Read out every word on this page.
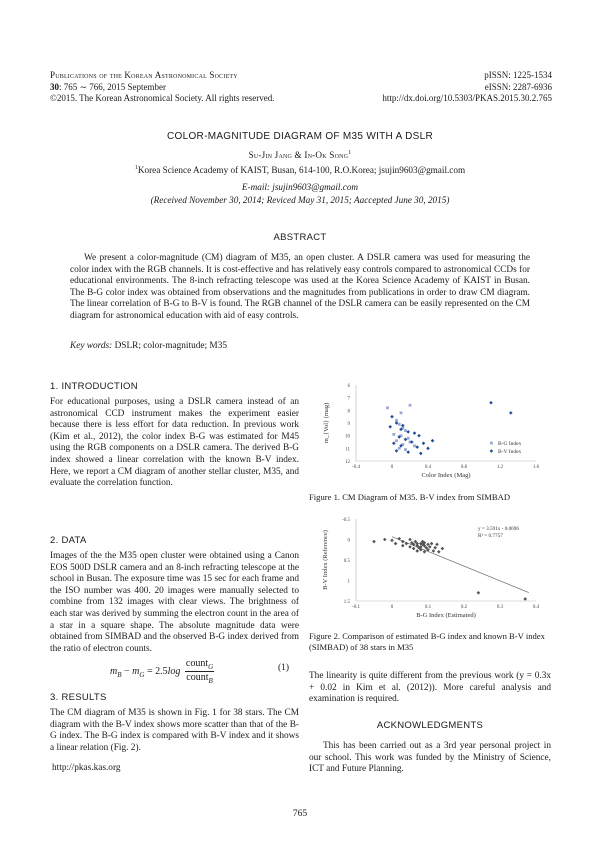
Publications of the Korean Astronomical Society
30: 765 ∼ 766, 2015 September
©2015. The Korean Astronomical Society. All rights reserved.
pISSN: 1225-1534
eISSN: 2287-6936
http://dx.doi.org/10.5303/PKAS.2015.30.2.765
COLOR-MAGNITUDE DIAGRAM OF M35 WITH A DSLR
Su-Jin Jang & In-Ok Song$^1$
$^1$Korea Science Academy of KAIST, Busan, 614-100, R.O.Korea; jsujin9603@gmail.com
E-mail: jsujin9603@gmail.com
(Received November 30, 2014; Reviced May 31, 2015; Aaccepted June 30, 2015)
ABSTRACT
We present a color-magnitude (CM) diagram of M35, an open cluster. A DSLR camera was used for measuring the color index with the RGB channels. It is cost-effective and has relatively easy controls compared to astronomical CCDs for educational environments. The 8-inch refracting telescope was used at the Korea Science Academy of KAIST in Busan. The B-G color index was obtained from observations and the magnitudes from publications in order to draw CM diagram. The linear correlation of B-G to B-V is found. The RGB channel of the DSLR camera can be easily represented on the CM diagram for astronomical education with aid of easy controls.
Key words: DSLR; color-magnitude; M35
1. INTRODUCTION
For educational purposes, using a DSLR camera instead of an astronomical CCD instrument makes the experiment easier because there is less effort for data reduction. In previous work (Kim et al., 2012), the color index B-G was estimated for M45 using the RGB components on a DSLR camera. The derived B-G index showed a linear correlation with the known B-V index. Here, we report a CM diagram of another stellar cluster, M35, and evaluate the correlation function.
2. DATA
Images of the the M35 open cluster were obtained using a Canon EOS 500D DSLR camera and an 8-inch refracting telescope at the school in Busan. The exposure time was 15 sec for each frame and the ISO number was 400. 20 images were manually selected to combine from 132 images with clear views. The brightness of each star was derived by summing the electron count in the area of a star in a square shape. The absolute magnitude data were obtained from SIMBAD and the observed B-G index derived from the ratio of electron counts.
$m_B - m_G = 2.5\log$
count$_G$
count$_B$
(1)
3. RESULTS
The CM diagram of M35 is shown in Fig. 1 for 38 stars. The CM diagram with the B-V index shows more scatter than that of the B-G index. The B-G index is compared with B-V index and it shows a linear relation (Fig. 2).
http://pkas.kas.org
765
6
7
8
9
10
11
12
-0.4	0	0.4	0.8	1.2	1.6
Color Index (Mag)
m_{Vol} (mag)
B-G Index
B-V Index
Figure 1. CM Diagram of M35. B-V index from SIMBAD
-0.5
0
0.5
1
1.5
-0.1	0	0.1	0.2	0.3	0.4
B-G Index (Estimated)
B-V Index (Reference)
y = 3.591x - 0.0696
R² = 0.7757
Figure 2. Comparison of estimated B-G index and known B-V index (SIMBAD) of 38 stars in M35
The linearity is quite different from the previous work (y = 0.3x + 0.02 in Kim et al. (2012)). More careful analysis and examination is required.
ACKNOWLEDGMENTS
This has been carried out as a 3rd year personal project in our school. This work was funded by the Ministry of Science, ICT and Future Planning.
